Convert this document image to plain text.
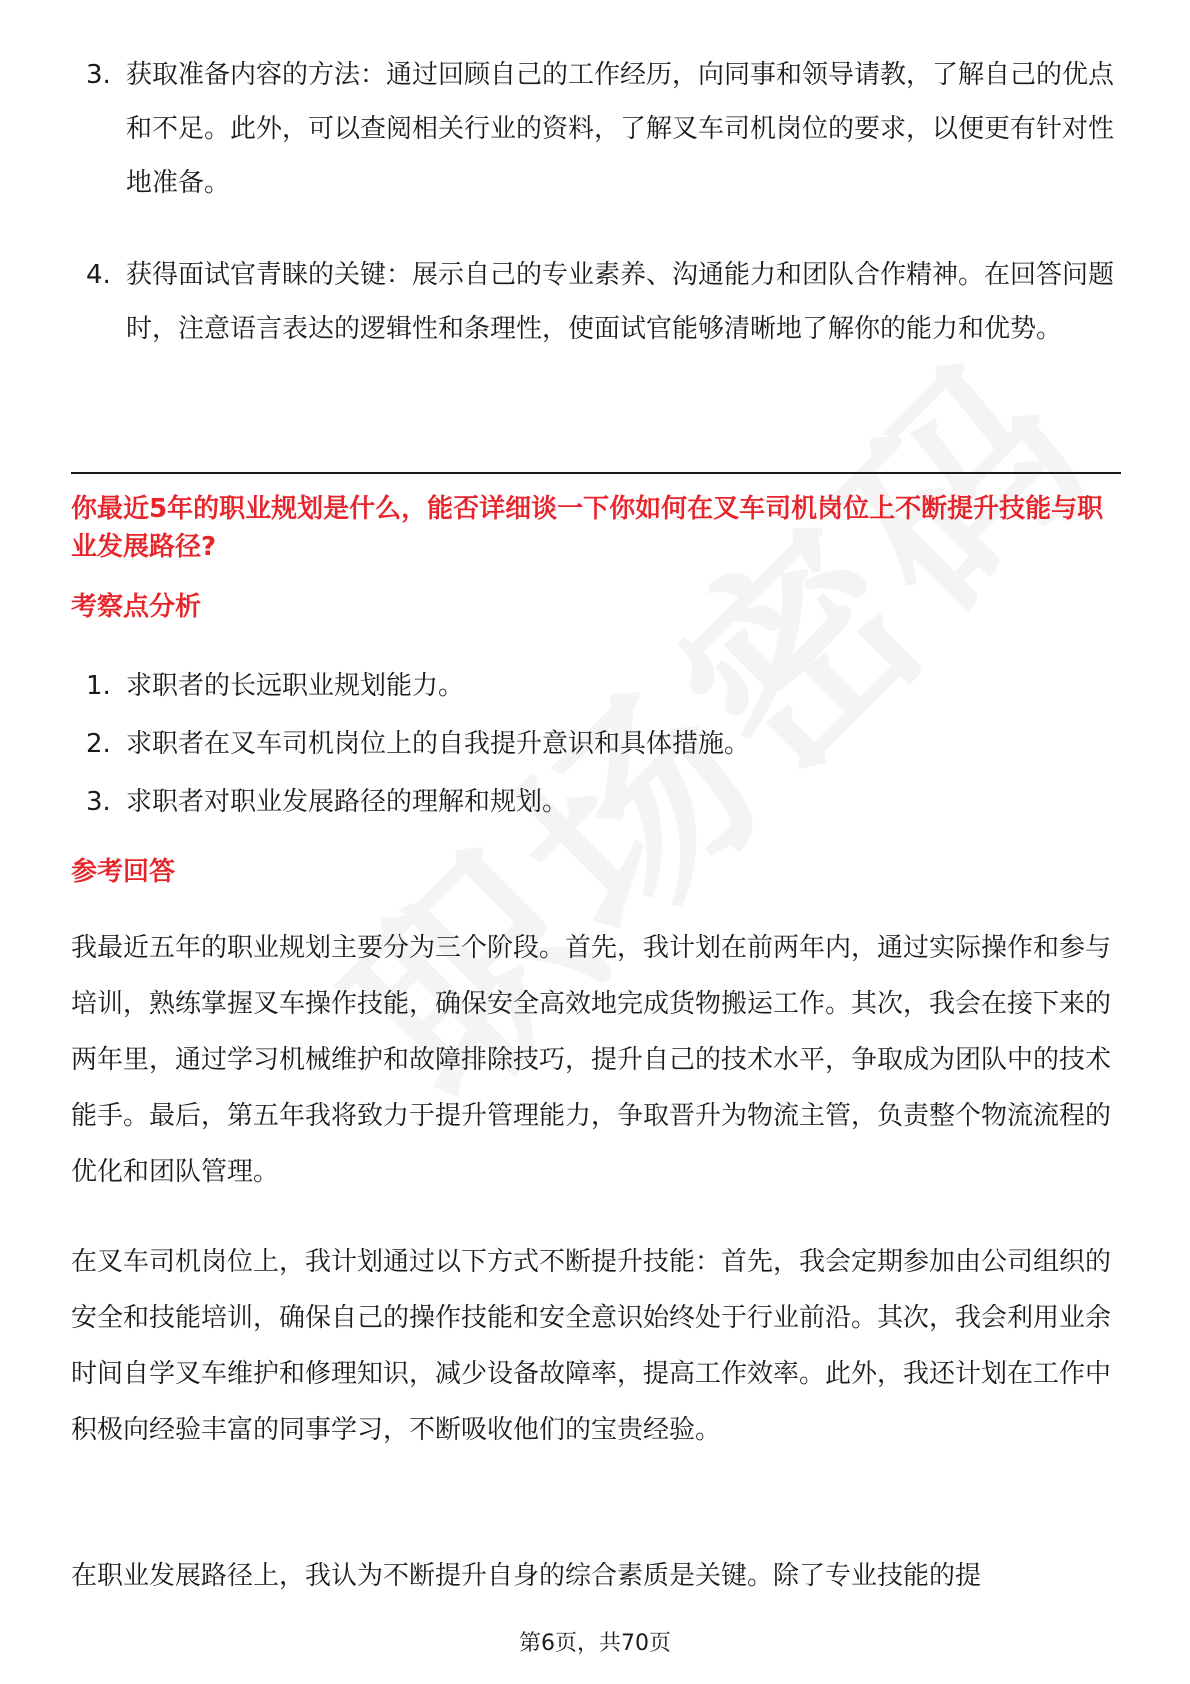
3. 获取准备内容的方法：通过回顾自己的工作经历，向同事和领导请教，了解自己的优点和不足。此外，可以查阅相关行业的资料，了解叉车司机岗位的要求，以便更有针对性地准备。
4. 获得面试官青睐的关键：展示自己的专业素养、沟通能力和团队合作精神。在回答问题时，注意语言表达的逻辑性和条理性，使面试官能够清晰地了解你的能力和优势。
你最近5年的职业规划是什么，能否详细谈一下你如何在叉车司机岗位上不断提升技能与职业发展路径?
考察点分析
1. 求职者的长远职业规划能力。
2. 求职者在叉车司机岗位上的自我提升意识和具体措施。
3. 求职者对职业发展路径的理解和规划。
参考回答

我最近五年的职业规划主要分为三个阶段。首先，我计划在前两年内，通过实际操作和参与培训，熟练掌握叉车操作技能，确保安全高效地完成货物搬运工作。其次，我会在接下来的两年里，通过学习机械维护和故障排除技巧，提升自己的技术水平，争取成为团队中的技术能手。最后，第五年我将致力于提升管理能力，争取晋升为物流主管，负责整个物流流程的优化和团队管理。

在叉车司机岗位上，我计划通过以下方式不断提升技能：首先，我会定期参加由公司组织的安全和技能培训，确保自己的操作技能和安全意识始终处于行业前沿。其次，我会利用业余时间自学叉车维护和修理知识，减少设备故障率，提高工作效率。此外，我还计划在工作中积极向经验丰富的同事学习，不断吸收他们的宝贵经验。

在职业发展路径上，我认为不断提升自身的综合素质是关键。除了专业技能的提

第6页，共70页
